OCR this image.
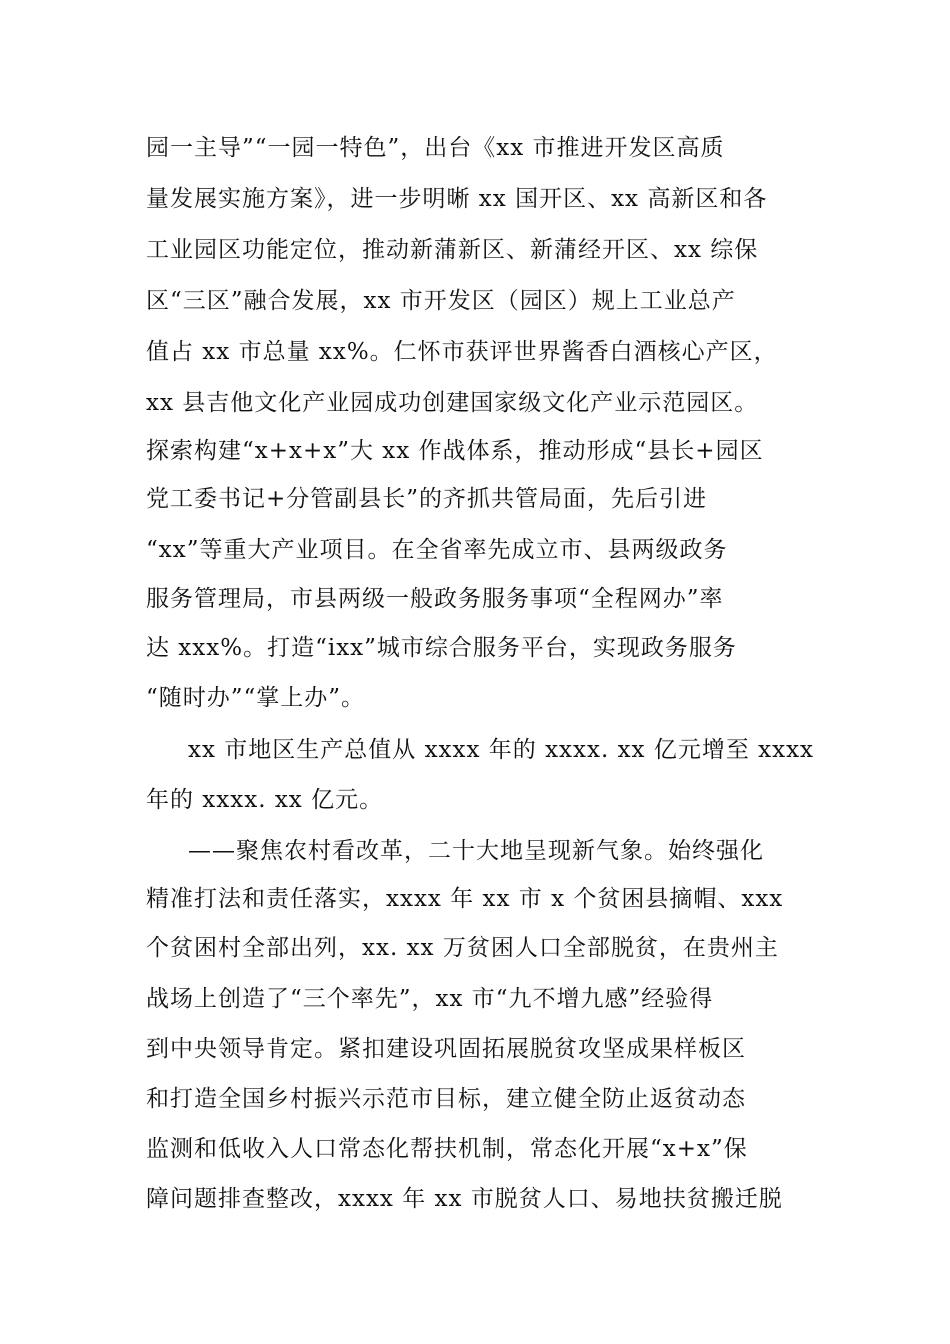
园一主导”“一园一特色”，出台《xx 市推进开发区高质
量发展实施方案》，进一步明晰 xx 国开区、xx 高新区和各
工业园区功能定位，推动新蒲新区、新蒲经开区、xx 综保
区“三区”融合发展，xx 市开发区（园区）规上工业总产
值占 xx 市总量 xx%。仁怀市获评世界酱香白酒核心产区，
xx 县吉他文化产业园成功创建国家级文化产业示范园区。
探索构建“x+x+x”大 xx 作战体系，推动形成“县长+园区
党工委书记+分管副县长”的齐抓共管局面，先后引进
“xx”等重大产业项目。在全省率先成立市、县两级政务
服务管理局，市县两级一般政务服务事项“全程网办”率
达 xxx%。打造“ixx”城市综合服务平台，实现政务服务
“随时办”“掌上办”。
xx 市地区生产总值从 xxxx 年的 xxxx. xx 亿元增至 xxxx
年的 xxxx. xx 亿元。
——聚焦农村看改革，二十大地呈现新气象。始终强化
精准打法和责任落实，xxxx 年 xx 市 x 个贫困县摘帽、xxx
个贫困村全部出列，xx. xx 万贫困人口全部脱贫，在贵州主
战场上创造了“三个率先”，xx 市“九不增九感”经验得
到中央领导肯定。紧扣建设巩固拓展脱贫攻坚成果样板区
和打造全国乡村振兴示范市目标，建立健全防止返贫动态
监测和低收入人口常态化帮扶机制，常态化开展“x+x”保
障问题排查整改，xxxx 年 xx 市脱贫人口、易地扶贫搬迁脱
